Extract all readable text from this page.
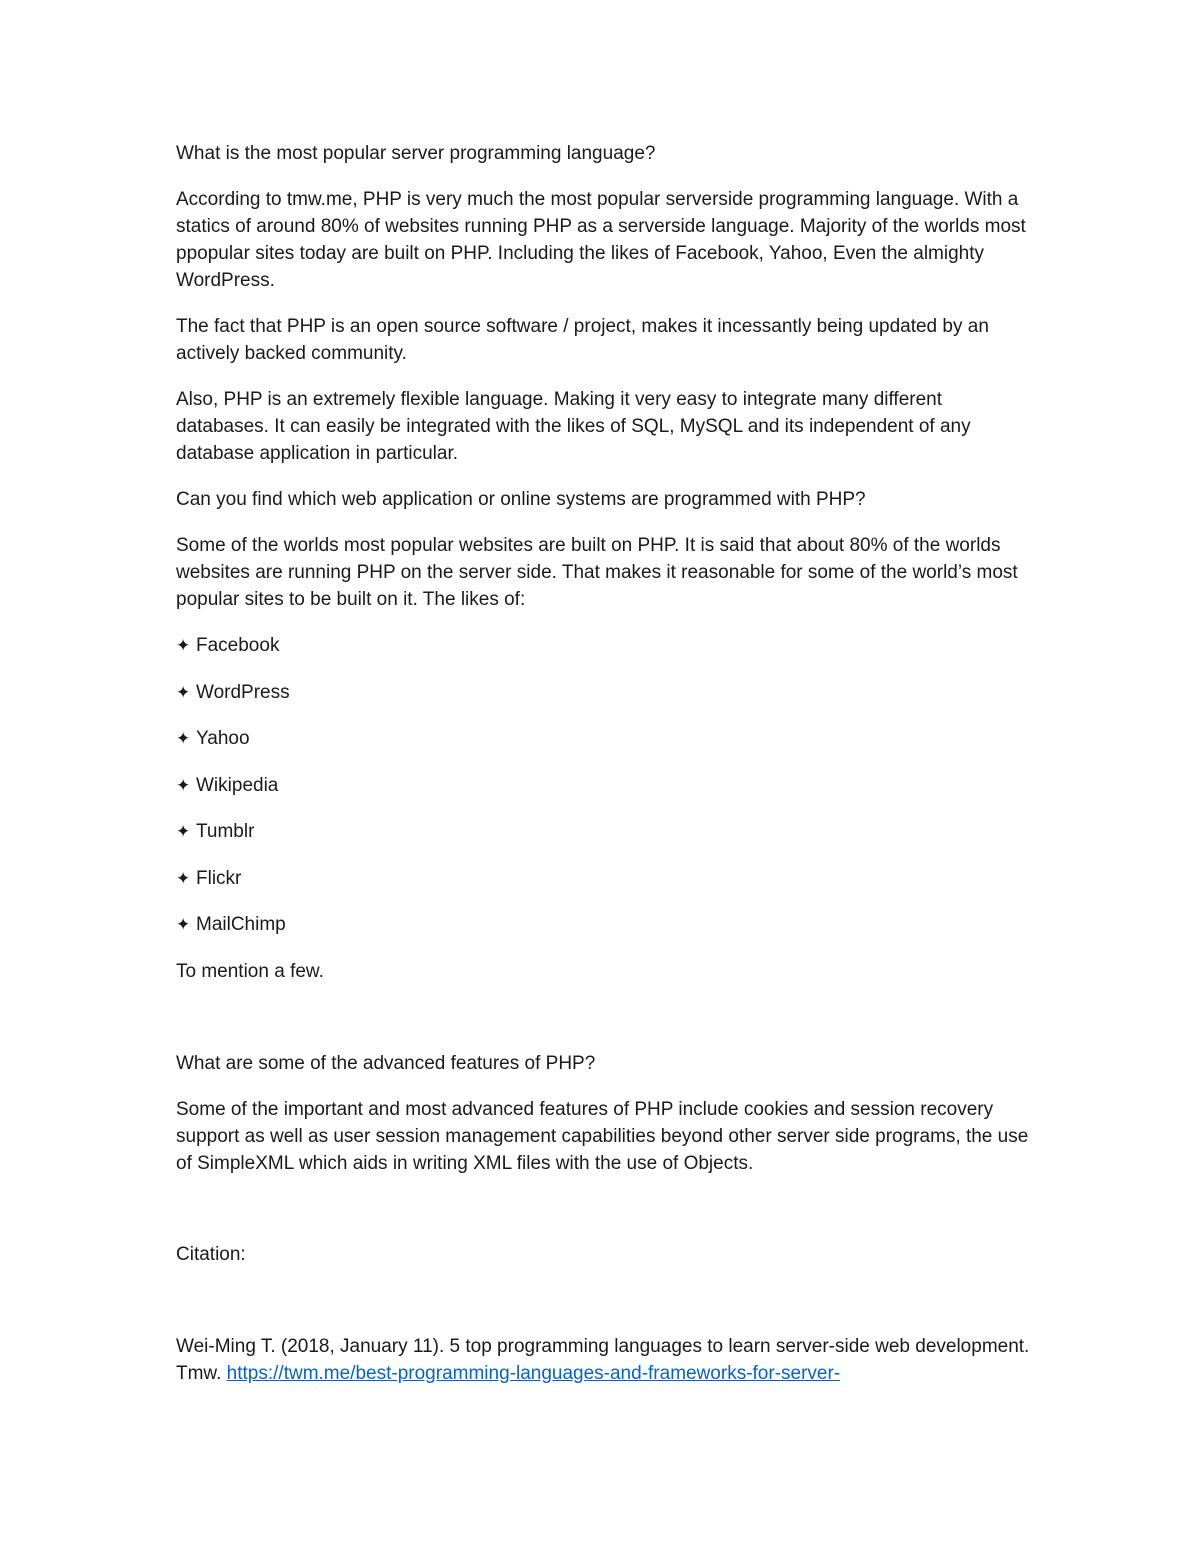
What is the most popular server programming language?

According to tmw.me, PHP is very much the most popular serverside programming language. With a statics of around 80% of websites running PHP as a serverside language. Majority of the worlds most ppopular sites today are built on PHP. Including the likes of Facebook, Yahoo, Even the almighty WordPress.

The fact that PHP is an open source software / project, makes it incessantly being updated by an actively backed community.

Also, PHP is an extremely flexible language. Making it very easy to integrate many different databases. It can easily be integrated with the likes of SQL, MySQL and its independent of any database application in particular.

Can you find which web application or online systems are programmed with PHP?

Some of the worlds most popular websites are built on PHP. It is said that about 80% of the worlds websites are running PHP on the server side. That makes it reasonable for some of the world’s most popular sites to be built on it. The likes of:

✦ Facebook
✦ WordPress
✦ Yahoo
✦ Wikipedia
✦ Tumblr
✦ Flickr
✦ MailChimp

To mention a few.

What are some of the advanced features of PHP?

Some of the important and most advanced features of PHP include cookies and session recovery support as well as user session management capabilities beyond other server side programs, the use of SimpleXML which aids in writing XML files with the use of Objects.

Citation:

Wei-Ming T. (2018, January 11). 5 top programming languages to learn server-side web development. Tmw. https://twm.me/best-programming-languages-and-frameworks-for-server-
